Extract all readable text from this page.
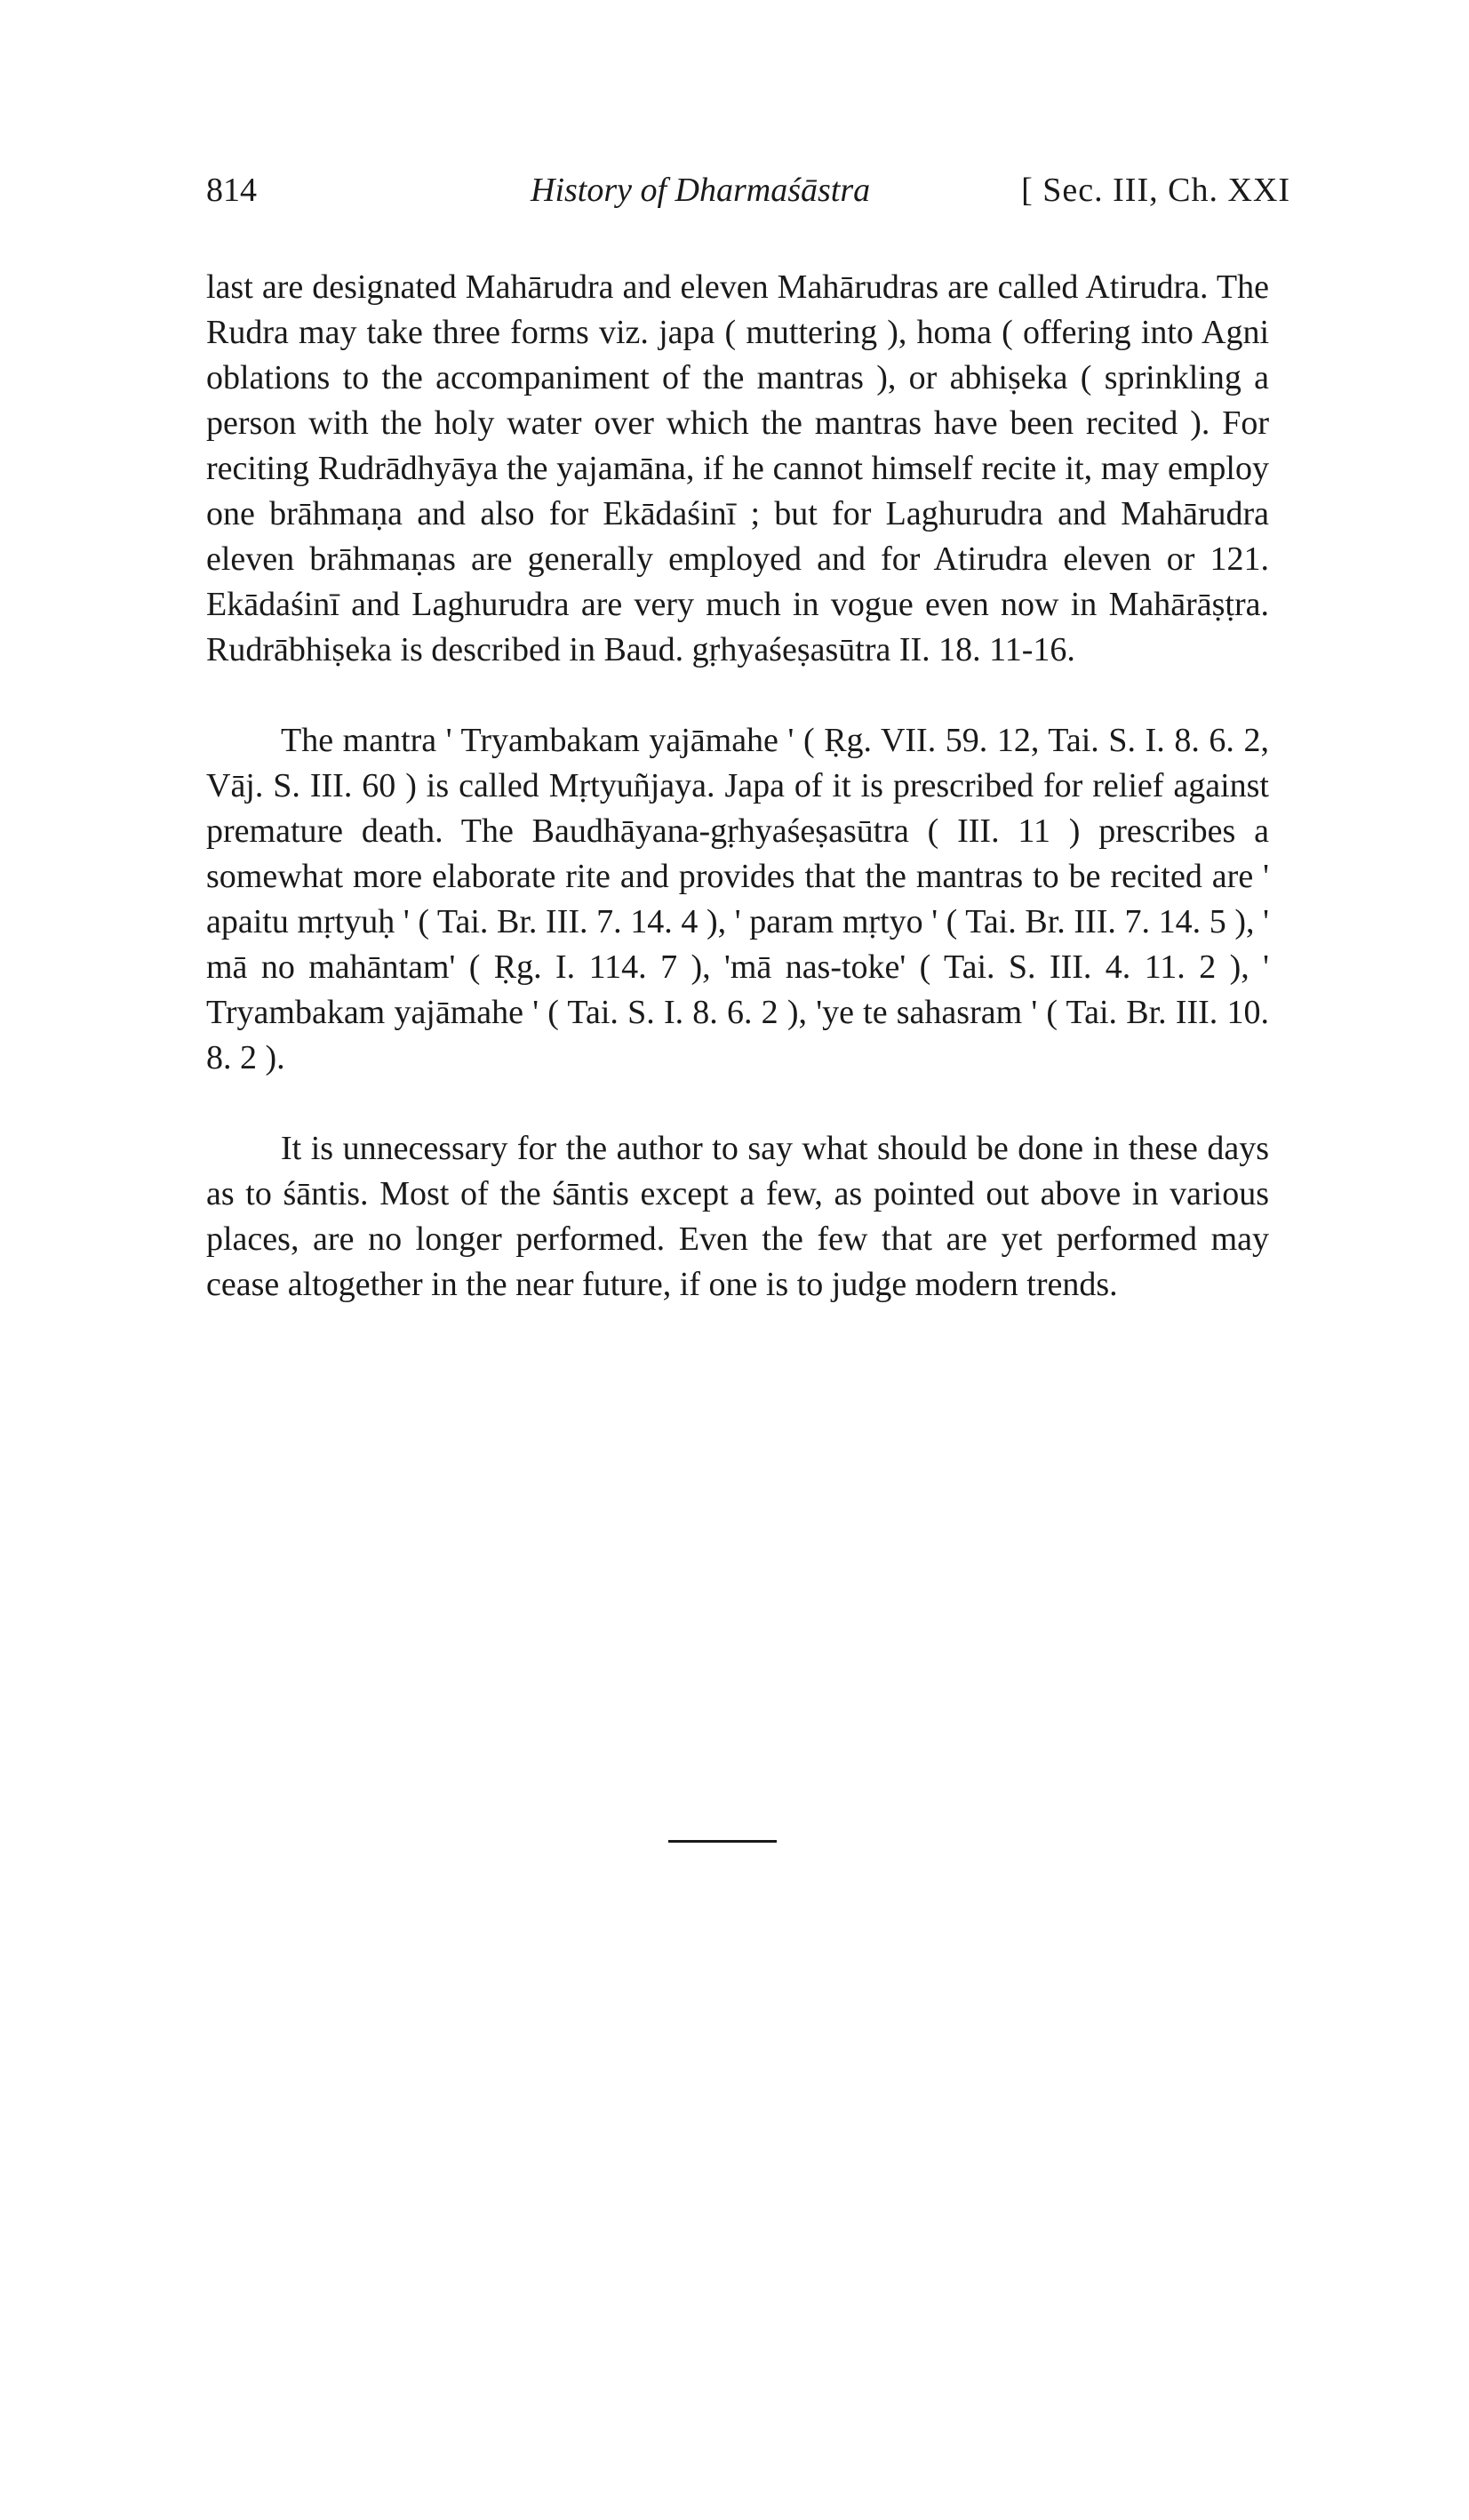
814	History of Dharmaśāstra	[ Sec. III, Ch. XXI

last are designated Mahārudra and eleven Mahārudras are called Atirudra. The Rudra may take three forms viz. japa ( muttering ), homa ( offering into Agni oblations to the accompaniment of the mantras ), or abhiṣeka ( sprinkling a person with the holy water over which the mantras have been recited ). For reciting Rudrādhyāya the yajamāna, if he cannot himself recite it, may employ one brāhmaṇa and also for Ekādaśinī ; but for Laghurudra and Mahārudra eleven brāhmaṇas are generally employed and for Atirudra eleven or 121. Ekādaśinī and Laghurudra are very much in vogue even now in Mahārāṣṭra. Rudrābhiṣeka is described in Baud. gṛhyaśeṣasūtra II. 18. 11-16.

The mantra ' Tryambakam yajāmahe ' ( Ṛg. VII. 59. 12, Tai. S. I. 8. 6. 2, Vāj. S. III. 60 ) is called Mṛtyuñjaya. Japa of it is prescribed for relief against premature death. The Baudhāyana-gṛhyaśeṣasūtra ( III. 11 ) prescribes a somewhat more elaborate rite and provides that the mantras to be recited are ' apaitu mṛtyuḥ ' ( Tai. Br. III. 7. 14. 4 ), ' param mṛtyo ' ( Tai. Br. III. 7. 14. 5 ), ' mā no mahāntam' ( Ṛg. I. 114. 7 ), 'mā nas-toke' ( Tai. S. III. 4. 11. 2 ), ' Tryambakam yajāmahe ' ( Tai. S. I. 8. 6. 2 ), 'ye te sahasram ' ( Tai. Br. III. 10. 8. 2 ).

It is unnecessary for the author to say what should be done in these days as to śāntis. Most of the śāntis except a few, as pointed out above in various places, are no longer performed. Even the few that are yet performed may cease altogether in the near future, if one is to judge modern trends.
